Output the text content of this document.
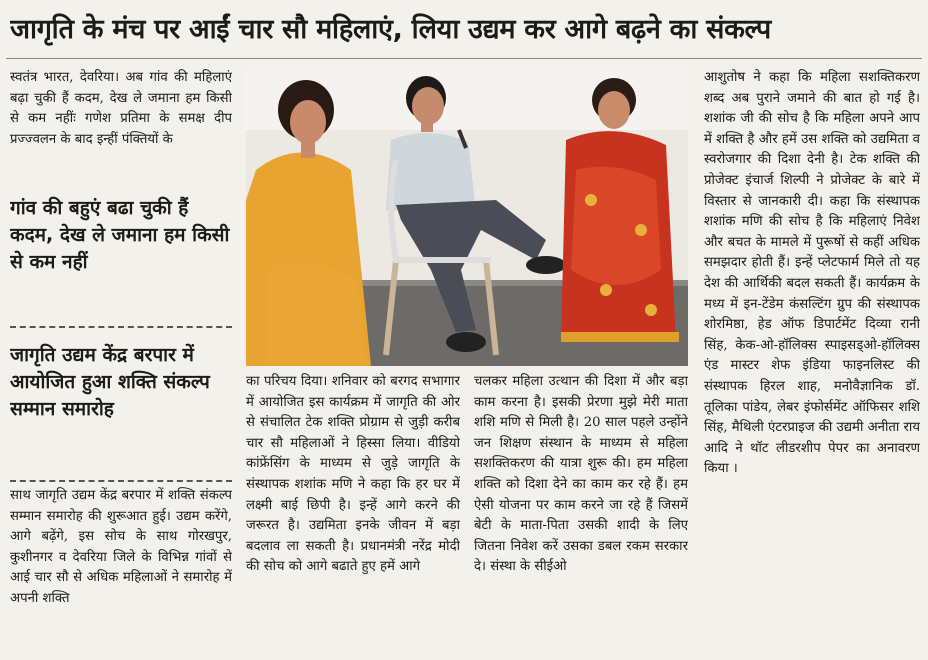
जागृति के मंच पर आईं चार सौ महिलाएं, लिया उद्यम कर आगे बढ़ने का संकल्प

स्वतंत्र भारत, देवरिया। अब गांव की महिलाएं बढ़ा चुकी हैं कदम, देख ले जमाना हम किसी से कम नहींः गणेश प्रतिमा के समक्ष दीप प्रज्ज्वलन के बाद इन्हीं पंक्तियों के

गांव की बहुएं बढा चुकी हैं कदम, देख ले जमाना हम किसी से कम नहीं
जागृति उद्यम केंद्र बरपार में आयोजित हुआ शक्ति संकल्प सम्मान समारोह

साथ जागृति उद्यम केंद्र बरपार में शक्ति संकल्प सम्मान समारोह की शुरूआत हुई। उद्यम करेंगे, आगे बढ़ेंगे, इस सोच के साथ गोरखपुर, कुशीनगर व देवरिया जिले के विभिन्न गांवों से आई चार सौ से अधिक महिलाओं ने समारोह में अपनी शक्ति

का परिचय दिया। शनिवार को बरगद सभागार में आयोजित इस कार्यक्रम में जागृति की ओर से संचालित टेक शक्ति प्रोग्राम से जुड़ी करीब चार सौ महिलाओं ने हिस्सा लिया। वीडियो कांफ्रेंसिंग के माध्यम से जुड़े जागृति के संस्थापक शशांक मणि ने कहा कि हर घर में लक्ष्मी बाई छिपी है। इन्हें आगे करने की जरूरत है। उद्यमिता इनके जीवन में बड़ा बदलाव ला सकती है। प्रधानमंत्री नरेंद्र मोदी की सोच को आगे बढाते हुए हमें आगे

चलकर महिला उत्थान की दिशा में और बड़ा काम करना है। इसकी प्रेरणा मुझे मेरी माता शशि मणि से मिली है। 20 साल पहले उन्होंने जन शिक्षण संस्थान के माध्यम से महिला सशक्तिकरण की यात्रा शुरू की। हम महिला शक्ति को दिशा देने का काम कर रहे हैं। हम ऐसी योजना पर काम करने जा रहे हैं जिसमें बेटी के माता-पिता उसकी शादी के लिए जितना निवेश करें उसका डबल रकम सरकार दे। संस्था के सीईओ

आशुतोष ने कहा कि महिला सशक्तिकरण शब्द अब पुराने जमाने की बात हो गई है। शशांक जी की सोच है कि महिला अपने आप में शक्ति है और हमें उस शक्ति को उद्यमिता व स्वरोजगार की दिशा देनी है। टेक शक्ति की प्रोजेक्ट इंचार्ज शिल्पी ने प्रोजेक्ट के बारे में विस्तार से जानकारी दी। कहा कि संस्थापक शशांक मणि की सोच है कि महिलाएं निवेश और बचत के मामले में पुरूषों से कहीं अधिक समझदार होती हैं। इन्हें प्लेटफार्म मिले तो यह देश की आर्थिकी बदल सकती हैं। कार्यक्रम के मध्य में इन-टेंडेम कंसल्टिंग ग्रुप की संस्थापक शोरमिष्ठा, हेड ऑफ डिपार्टमेंट दिव्या रानी सिंह, केक-ओ-हॉलिक्स स्पाइसड्ओ-हॉलिक्स एंड मास्टर शेफ इंडिया फाइनलिस्ट की संस्थापक हिरल शाह, मनोवैज्ञानिक डॉ. तूलिका पांडेय, लेबर इंफोर्समेंट ऑफिसर शशि सिंह, मैथिली एंटरप्राइज की उद्यमी अनीता राय आदि ने थॉट लीडरशीप पेपर का अनावरण किया ।
